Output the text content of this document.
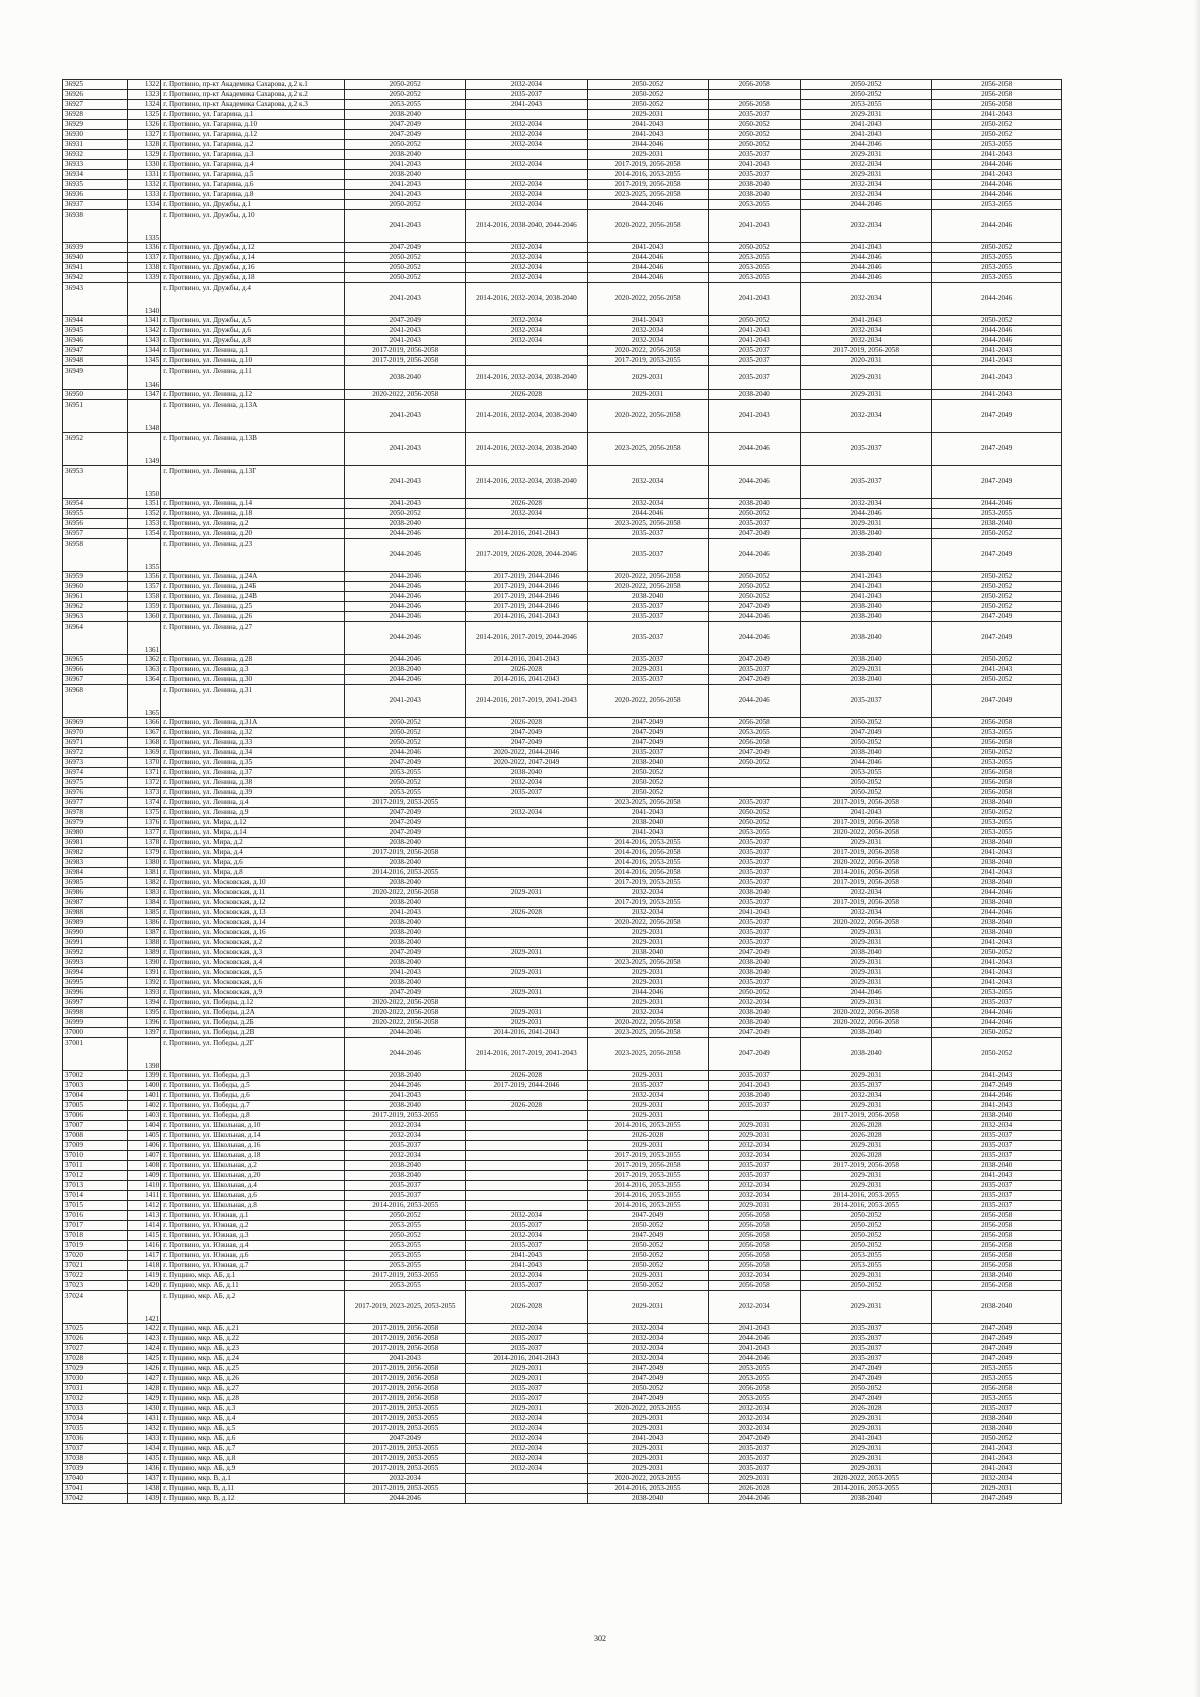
36925	1322	г. Протвино, пр-кт Академика Сахарова, д.2 к.1	2050-2052	2032-2034	2050-2052	2056-2058	2050-2052	2056-2058
36926	1323	г. Протвино, пр-кт Академика Сахарова, д.2 к.2	2050-2052	2035-2037	2050-2052		2050-2052	2056-2058
36927	1324	г. Протвино, пр-кт Академика Сахарова, д.2 к.3	2053-2055	2041-2043	2050-2052	2056-2058	2053-2055	2056-2058
36928	1325	г. Протвино, ул. Гагарина, д.1	2038-2040		2029-2031	2035-2037	2029-2031	2041-2043
36929	1326	г. Протвино, ул. Гагарина, д.10	2047-2049	2032-2034	2041-2043	2050-2052	2041-2043	2050-2052
36930	1327	г. Протвино, ул. Гагарина, д.12	2047-2049	2032-2034	2041-2043	2050-2052	2041-2043	2050-2052
36931	1328	г. Протвино, ул. Гагарина, д.2	2050-2052	2032-2034	2044-2046	2050-2052	2044-2046	2053-2055
36932	1329	г. Протвино, ул. Гагарина, д.3	2038-2040		2029-2031	2035-2037	2029-2031	2041-2043
36933	1330	г. Протвино, ул. Гагарина, д.4	2041-2043	2032-2034	2017-2019, 2056-2058	2041-2043	2032-2034	2044-2046
36934	1331	г. Протвино, ул. Гагарина, д.5	2038-2040		2014-2016, 2053-2055	2035-2037	2029-2031	2041-2043
36935	1332	г. Протвино, ул. Гагарина, д.6	2041-2043	2032-2034	2017-2019, 2056-2058	2038-2040	2032-2034	2044-2046
36936	1333	г. Протвино, ул. Гагарина, д.8	2041-2043	2032-2034	2023-2025, 2056-2058	2038-2040	2032-2034	2044-2046
36937	1334	г. Протвино, ул. Дружбы, д.1	2050-2052	2032-2034	2044-2046	2053-2055	2044-2046	2053-2055
36938	1335	г. Протвино, ул. Дружбы, д.10	2041-2043	2014-2016, 2038-2040, 2044-2046	2020-2022, 2056-2058	2041-2043	2032-2034	2044-2046
36939	1336	г. Протвино, ул. Дружбы, д.12	2047-2049	2032-2034	2041-2043	2050-2052	2041-2043	2050-2052
36940	1337	г. Протвино, ул. Дружбы, д.14	2050-2052	2032-2034	2044-2046	2053-2055	2044-2046	2053-2055
36941	1338	г. Протвино, ул. Дружбы, д.16	2050-2052	2032-2034	2044-2046	2053-2055	2044-2046	2053-2055
36942	1339	г. Протвино, ул. Дружбы, д.18	2050-2052	2032-2034	2044-2046	2053-2055	2044-2046	2053-2055
36943	1340	г. Протвино, ул. Дружбы, д.4	2041-2043	2014-2016, 2032-2034, 2038-2040	2020-2022, 2056-2058	2041-2043	2032-2034	2044-2046
36944	1341	г. Протвино, ул. Дружбы, д.5	2047-2049	2032-2034	2041-2043	2050-2052	2041-2043	2050-2052
36945	1342	г. Протвино, ул. Дружбы, д.6	2041-2043	2032-2034	2032-2034	2041-2043	2032-2034	2044-2046
36946	1343	г. Протвино, ул. Дружбы, д.8	2041-2043	2032-2034	2032-2034	2041-2043	2032-2034	2044-2046
36947	1344	г. Протвино, ул. Ленина, д.1	2017-2019, 2056-2058		2020-2022, 2056-2058	2035-2037	2017-2019, 2056-2058	2041-2043
36948	1345	г. Протвино, ул. Ленина, д.10	2017-2019, 2056-2058		2017-2019, 2053-2055	2035-2037	2020-2031	2041-2043
36949	1346	г. Протвино, ул. Ленина, д.11	2038-2040	2014-2016, 2032-2034, 2038-2040	2029-2031	2035-2037	2029-2031	2041-2043
36950	1347	г. Протвино, ул. Ленина, д.12	2020-2022, 2056-2058	2026-2028	2029-2031	2038-2040	2029-2031	2041-2043
36951	1348	г. Протвино, ул. Ленина, д.13А	2041-2043	2014-2016, 2032-2034, 2038-2040	2020-2022, 2056-2058	2041-2043	2032-2034	2047-2049
36952	1349	г. Протвино, ул. Ленина, д.13В	2041-2043	2014-2016, 2032-2034, 2038-2040	2023-2025, 2056-2058	2044-2046	2035-2037	2047-2049
36953	1350	г. Протвино, ул. Ленина, д.13Г	2041-2043	2014-2016, 2032-2034, 2038-2040	2032-2034	2044-2046	2035-2037	2047-2049
36954	1351	г. Протвино, ул. Ленина, д.14	2041-2043	2026-2028	2032-2034	2038-2040	2032-2034	2044-2046
36955	1352	г. Протвино, ул. Ленина, д.18	2050-2052	2032-2034	2044-2046	2050-2052	2044-2046	2053-2055
36956	1353	г. Протвино, ул. Ленина, д.2	2038-2040		2023-2025, 2056-2058	2035-2037	2029-2031	2038-2040
36957	1354	г. Протвино, ул. Ленина, д.20	2044-2046	2014-2016, 2041-2043	2035-2037	2047-2049	2038-2040	2050-2052
36958	1355	г. Протвино, ул. Ленина, д.23	2044-2046	2017-2019, 2026-2028, 2044-2046	2035-2037	2044-2046	2038-2040	2047-2049
36959	1356	г. Протвино, ул. Ленина, д.24А	2044-2046	2017-2019, 2044-2046	2020-2022, 2056-2058	2050-2052	2041-2043	2050-2052
36960	1357	г. Протвино, ул. Ленина, д.24Б	2044-2046	2017-2019, 2044-2046	2020-2022, 2056-2058	2050-2052	2041-2043	2050-2052
36961	1358	г. Протвино, ул. Ленина, д.24В	2044-2046	2017-2019, 2044-2046	2038-2040	2050-2052	2041-2043	2050-2052
36962	1359	г. Протвино, ул. Ленина, д.25	2044-2046	2017-2019, 2044-2046	2035-2037	2047-2049	2038-2040	2050-2052
36963	1360	г. Протвино, ул. Ленина, д.26	2044-2046	2014-2016, 2041-2043	2035-2037	2044-2046	2038-2040	2047-2049
36964	1361	г. Протвино, ул. Ленина, д.27	2044-2046	2014-2016, 2017-2019, 2044-2046	2035-2037	2044-2046	2038-2040	2047-2049
36965	1362	г. Протвино, ул. Ленина, д.28	2044-2046	2014-2016, 2041-2043	2035-2037	2047-2049	2038-2040	2050-2052
36966	1363	г. Протвино, ул. Ленина, д.3	2038-2040	2026-2028	2029-2031	2035-2037	2029-2031	2041-2043
36967	1364	г. Протвино, ул. Ленина, д.30	2044-2046	2014-2016, 2041-2043	2035-2037	2047-2049	2038-2040	2050-2052
36968	1365	г. Протвино, ул. Ленина, д.31	2041-2043	2014-2016, 2017-2019, 2041-2043	2020-2022, 2056-2058	2044-2046	2035-2037	2047-2049
36969	1366	г. Протвино, ул. Ленина, д.31А	2050-2052	2026-2028	2047-2049	2056-2058	2050-2052	2056-2058
36970	1367	г. Протвино, ул. Ленина, д.32	2050-2052	2047-2049	2047-2049	2053-2055	2047-2049	2053-2055
36971	1368	г. Протвино, ул. Ленина, д.33	2050-2052	2047-2049	2047-2049	2056-2058	2050-2052	2056-2058
36972	1369	г. Протвино, ул. Ленина, д.34	2044-2046	2020-2022, 2044-2046	2035-2037	2047-2049	2038-2040	2050-2052
36973	1370	г. Протвино, ул. Ленина, д.35	2047-2049	2020-2022, 2047-2049	2038-2040	2050-2052	2044-2046	2053-2055
36974	1371	г. Протвино, ул. Ленина, д.37	2053-2055	2038-2040	2050-2052		2053-2055	2056-2058
36975	1372	г. Протвино, ул. Ленина, д.38	2050-2052	2032-2034	2050-2052		2050-2052	2056-2058
36976	1373	г. Протвино, ул. Ленина, д.39	2053-2055	2035-2037	2050-2052		2050-2052	2056-2058
36977	1374	г. Протвино, ул. Ленина, д.4	2017-2019, 2053-2055		2023-2025, 2056-2058	2035-2037	2017-2019, 2056-2058	2038-2040
36978	1375	г. Протвино, ул. Ленина, д.9	2047-2049	2032-2034	2041-2043	2050-2052	2041-2043	2050-2052
36979	1376	г. Протвино, ул. Мира, д.12	2047-2049		2038-2040	2050-2052	2017-2019, 2056-2058	2053-2055
36980	1377	г. Протвино, ул. Мира, д.14	2047-2049		2041-2043	2053-2055	2020-2022, 2056-2058	2053-2055
36981	1378	г. Протвино, ул. Мира, д.2	2038-2040		2014-2016, 2053-2055	2035-2037	2029-2031	2038-2040
36982	1379	г. Протвино, ул. Мира, д.4	2017-2019, 2056-2058		2014-2016, 2056-2058	2035-2037	2017-2019, 2056-2058	2041-2043
36983	1380	г. Протвино, ул. Мира, д.6	2038-2040		2014-2016, 2053-2055	2035-2037	2020-2022, 2056-2058	2038-2040
36984	1381	г. Протвино, ул. Мира, д.8	2014-2016, 2053-2055		2014-2016, 2056-2058	2035-2037	2014-2016, 2056-2058	2041-2043
36985	1382	г. Протвино, ул. Московская, д.10	2038-2040		2017-2019, 2053-2055	2035-2037	2017-2019, 2056-2058	2038-2040
36986	1383	г. Протвино, ул. Московская, д.11	2020-2022, 2056-2058	2029-2031	2032-2034	2038-2040	2032-2034	2044-2046
36987	1384	г. Протвино, ул. Московская, д.12	2038-2040		2017-2019, 2053-2055	2035-2037	2017-2019, 2056-2058	2038-2040
36988	1385	г. Протвино, ул. Московская, д.13	2041-2043	2026-2028	2032-2034	2041-2043	2032-2034	2044-2046
36989	1386	г. Протвино, ул. Московская, д.14	2038-2040		2020-2022, 2056-2058	2035-2037	2020-2022, 2056-2058	2038-2040
36990	1387	г. Протвино, ул. Московская, д.16	2038-2040		2029-2031	2035-2037	2029-2031	2038-2040
36991	1388	г. Протвино, ул. Московская, д.2	2038-2040		2029-2031	2035-2037	2029-2031	2041-2043
36992	1389	г. Протвино, ул. Московская, д.3	2047-2049	2029-2031	2038-2040	2047-2049	2038-2040	2050-2052
36993	1390	г. Протвино, ул. Московская, д.4	2038-2040		2023-2025, 2056-2058	2038-2040	2029-2031	2041-2043
36994	1391	г. Протвино, ул. Московская, д.5	2041-2043	2029-2031	2029-2031	2038-2040	2029-2031	2041-2043
36995	1392	г. Протвино, ул. Московская, д.6	2038-2040		2029-2031	2035-2037	2029-2031	2041-2043
36996	1393	г. Протвино, ул. Московская, д.9	2047-2049	2029-2031	2044-2046	2050-2052	2044-2046	2053-2055
36997	1394	г. Протвино, ул. Победы, д.12	2020-2022, 2056-2058		2029-2031	2032-2034	2029-2031	2035-2037
36998	1395	г. Протвино, ул. Победы, д.2А	2020-2022, 2056-2058	2029-2031	2032-2034	2038-2040	2020-2022, 2056-2058	2044-2046
36999	1396	г. Протвино, ул. Победы, д.2Б	2020-2022, 2056-2058	2029-2031	2020-2022, 2056-2058	2038-2040	2020-2022, 2056-2058	2044-2046
37000	1397	г. Протвино, ул. Победы, д.2В	2044-2046	2014-2016, 2041-2043	2023-2025, 2056-2058	2047-2049	2038-2040	2050-2052
37001	1398	г. Протвино, ул. Победы, д.2Г	2044-2046	2014-2016, 2017-2019, 2041-2043	2023-2025, 2056-2058	2047-2049	2038-2040	2050-2052
37002	1399	г. Протвино, ул. Победы, д.3	2038-2040	2026-2028	2029-2031	2035-2037	2029-2031	2041-2043
37003	1400	г. Протвино, ул. Победы, д.5	2044-2046	2017-2019, 2044-2046	2035-2037	2041-2043	2035-2037	2047-2049
37004	1401	г. Протвино, ул. Победы, д.6	2041-2043		2032-2034	2038-2040	2032-2034	2044-2046
37005	1402	г. Протвино, ул. Победы, д.7	2038-2040	2026-2028	2029-2031	2035-2037	2029-2031	2041-2043
37006	1403	г. Протвино, ул. Победы, д.8	2017-2019, 2053-2055		2029-2031		2017-2019, 2056-2058	2038-2040
37007	1404	г. Протвино, ул. Школьная, д.10	2032-2034		2014-2016, 2053-2055	2029-2031	2026-2028	2032-2034
37008	1405	г. Протвино, ул. Школьная, д.14	2032-2034		2026-2028	2029-2031	2026-2028	2035-2037
37009	1406	г. Протвино, ул. Школьная, д.16	2035-2037		2029-2031	2032-2034	2029-2031	2035-2037
37010	1407	г. Протвино, ул. Школьная, д.18	2032-2034		2017-2019, 2053-2055	2032-2034	2026-2028	2035-2037
37011	1408	г. Протвино, ул. Школьная, д.2	2038-2040		2017-2019, 2056-2058	2035-2037	2017-2019, 2056-2058	2038-2040
37012	1409	г. Протвино, ул. Школьная, д.20	2038-2040		2017-2019, 2053-2055	2035-2037	2029-2031	2041-2043
37013	1410	г. Протвино, ул. Школьная, д.4	2035-2037		2014-2016, 2053-2055	2032-2034	2029-2031	2035-2037
37014	1411	г. Протвино, ул. Школьная, д.6	2035-2037		2014-2016, 2053-2055	2032-2034	2014-2016, 2053-2055	2035-2037
37015	1412	г. Протвино, ул. Школьная, д.8	2014-2016, 2053-2055		2014-2016, 2053-2055	2029-2031	2014-2016, 2053-2055	2035-2037
37016	1413	г. Протвино, ул. Южная, д.1	2050-2052	2032-2034	2047-2049	2056-2058	2050-2052	2056-2058
37017	1414	г. Протвино, ул. Южная, д.2	2053-2055	2035-2037	2050-2052	2056-2058	2050-2052	2056-2058
37018	1415	г. Протвино, ул. Южная, д.3	2050-2052	2032-2034	2047-2049	2056-2058	2050-2052	2056-2058
37019	1416	г. Протвино, ул. Южная, д.4	2053-2055	2035-2037	2050-2052	2056-2058	2050-2052	2056-2058
37020	1417	г. Протвино, ул. Южная, д.6	2053-2055	2041-2043	2050-2052	2056-2058	2053-2055	2056-2058
37021	1418	г. Протвино, ул. Южная, д.7	2053-2055	2041-2043	2050-2052	2056-2058	2053-2055	2056-2058
37022	1419	г. Пущино, мкр. АБ, д.1	2017-2019, 2053-2055	2032-2034	2029-2031	2032-2034	2029-2031	2038-2040
37023	1420	г. Пущино, мкр. АБ, д.11	2053-2055	2035-2037	2050-2052	2056-2058	2050-2052	2056-2058
37024	1421	г. Пущино, мкр. АБ, д.2	2017-2019, 2023-2025, 2053-2055	2026-2028	2029-2031	2032-2034	2029-2031	2038-2040
37025	1422	г. Пущино, мкр. АБ, д.21	2017-2019, 2056-2058	2032-2034	2032-2034	2041-2043	2035-2037	2047-2049
37026	1423	г. Пущино, мкр. АБ, д.22	2017-2019, 2056-2058	2035-2037	2032-2034	2044-2046	2035-2037	2047-2049
37027	1424	г. Пущино, мкр. АБ, д.23	2017-2019, 2056-2058	2035-2037	2032-2034	2041-2043	2035-2037	2047-2049
37028	1425	г. Пущино, мкр. АБ, д.24	2041-2043	2014-2016, 2041-2043	2032-2034	2044-2046	2035-2037	2047-2049
37029	1426	г. Пущино, мкр. АБ, д.25	2017-2019, 2056-2058	2029-2031	2047-2049	2053-2055	2047-2049	2053-2055
37030	1427	г. Пущино, мкр. АБ, д.26	2017-2019, 2056-2058	2029-2031	2047-2049	2053-2055	2047-2049	2053-2055
37031	1428	г. Пущино, мкр. АБ, д.27	2017-2019, 2056-2058	2035-2037	2050-2052	2056-2058	2050-2052	2056-2058
37032	1429	г. Пущино, мкр. АБ, д.28	2017-2019, 2056-2058	2035-2037	2047-2049	2053-2055	2047-2049	2053-2055
37033	1430	г. Пущино, мкр. АБ, д.3	2017-2019, 2053-2055	2029-2031	2020-2022, 2053-2055	2032-2034	2026-2028	2035-2037
37034	1431	г. Пущино, мкр. АБ, д.4	2017-2019, 2053-2055	2032-2034	2029-2031	2032-2034	2029-2031	2038-2040
37035	1432	г. Пущино, мкр. АБ, д.5	2017-2019, 2053-2055	2032-2034	2029-2031	2032-2034	2029-2031	2038-2040
37036	1433	г. Пущино, мкр. АБ, д.6	2047-2049	2032-2034	2041-2043	2047-2049	2041-2043	2050-2052
37037	1434	г. Пущино, мкр. АБ, д.7	2017-2019, 2053-2055	2032-2034	2029-2031	2035-2037	2029-2031	2041-2043
37038	1435	г. Пущино, мкр. АБ, д.8	2017-2019, 2053-2055	2032-2034	2029-2031	2035-2037	2029-2031	2041-2043
37039	1436	г. Пущино, мкр. АБ, д.9	2017-2019, 2053-2055	2032-2034	2029-2031	2035-2037	2029-2031	2041-2043
37040	1437	г. Пущино, мкр. В, д.1	2032-2034		2020-2022, 2053-2055	2029-2031	2020-2022, 2053-2055	2032-2034
37041	1438	г. Пущино, мкр. В, д.11	2017-2019, 2053-2055		2014-2016, 2053-2055	2026-2028	2014-2016, 2053-2055	2029-2031
37042	1439	г. Пущино, мкр. В, д.12	2044-2046		2038-2040	2044-2046	2038-2040	2047-2049
302
